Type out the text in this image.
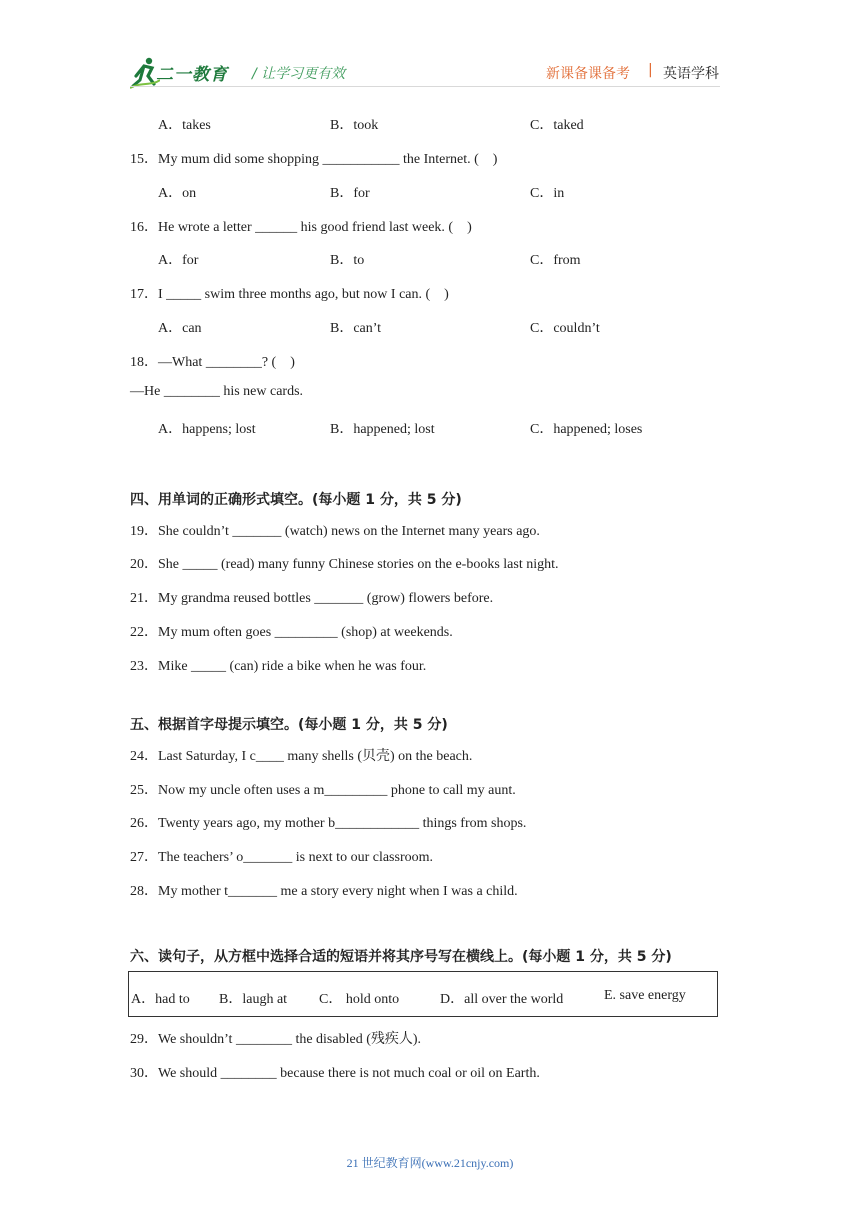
二一教育 / 让学习更有效	新课备课备考 | 英语学科
A．takes	B．took	C．taked
15．My mum did some shopping ___________ the Internet. (　)
A．on	B．for	C．in
16．He wrote a letter ______ his good friend last week. (　)
A．for	B．to	C．from
17．I _____ swim three months ago, but now I can. (　)
A．can	B．can’t	C．couldn’t
18．—What ________? (　)
—He ________ his new cards.
A．happens; lost	B．happened; lost	C．happened; loses
四、用单词的正确形式填空。(每小题 1 分，共 5 分)
19．She couldn’t _______ (watch) news on the Internet many years ago.
20．She _____ (read) many funny Chinese stories on the e-books last night.
21．My grandma reused bottles _______ (grow) flowers before.
22．My mum often goes _________ (shop) at weekends.
23．Mike _____ (can) ride a bike when he was four.
五、根据首字母提示填空。(每小题 1 分，共 5 分)
24．Last Saturday, I c____ many shells (贝壳) on the beach.
25．Now my uncle often uses a m_________ phone to call my aunt.
26．Twenty years ago, my mother b____________ things from shops.
27．The teachers’ o_______ is next to our classroom.
28．My mother t_______ me a story every night when I was a child.
六、读句子，从方框中选择合适的短语并将其序号写在横线上。(每小题 1 分，共 5 分)
A．had to B．laugh at C． hold onto	D．all over the world	E. save energy
29．We shouldn’t ________ the disabled (残疾人).
30．We should ________ because there is not much coal or oil on Earth.
21 世纪教育网(www.21cnjy.com)
